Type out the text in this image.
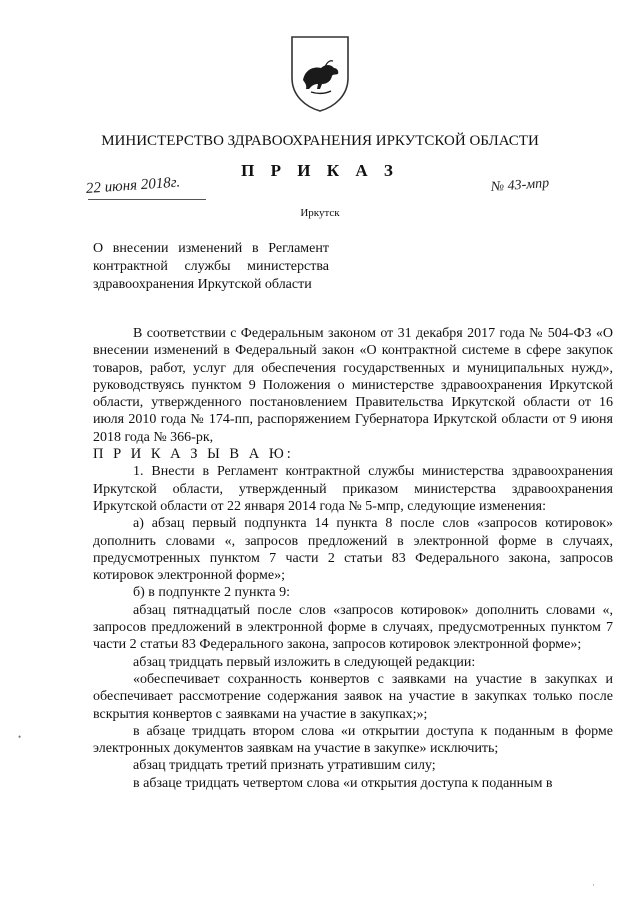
МИНИСТЕРСТВО ЗДРАВООХРАНЕНИЯ ИРКУТСКОЙ ОБЛАСТИ
П Р И К А З
22 июня 2018г.	№ 43-мпр
Иркутск
О внесении изменений в Регламент контрактной службы министерства здравоохранения Иркутской области

В соответствии с Федеральным законом от 31 декабря 2017 года № 504-ФЗ «О внесении изменений в Федеральный закон «О контрактной системе в сфере закупок товаров, работ, услуг для обеспечения государственных и муниципальных нужд», руководствуясь пунктом 9 Положения о министерстве здравоохранения Иркутской области, утвержденного постановлением Правительства Иркутской области от 16 июля 2010 года № 174-пп, распоряжением Губернатора Иркутской области от 9 июня 2018 года № 366-рк,

П Р И К А З Ы В А Ю:

1. Внести в Регламент контрактной службы министерства здравоохранения Иркутской области, утвержденный приказом министерства здравоохранения Иркутской области от 22 января 2014 года № 5-мпр, следующие изменения:

а) абзац первый подпункта 14 пункта 8 после слов «запросов котировок» дополнить словами «, запросов предложений в электронной форме в случаях, предусмотренных пунктом 7 части 2 статьи 83 Федерального закона, запросов котировок электронной форме»;

б) в подпункте 2 пункта 9:

абзац пятнадцатый после слов «запросов котировок» дополнить словами «, запросов предложений в электронной форме в случаях, предусмотренных пунктом 7 части 2 статьи 83 Федерального закона, запросов котировок электронной форме»;

абзац тридцать первый изложить в следующей редакции:

«обеспечивает сохранность конвертов с заявками на участие в закупках и обеспечивает рассмотрение содержания заявок на участие в закупках только после вскрытия конвертов с заявками на участие в закупках;»;

в абзаце тридцать втором слова «и открытии доступа к поданным в форме электронных документов заявкам на участие в закупке» исключить;

абзац тридцать третий признать утратившим силу;

в абзаце тридцать четвертом слова «и открытия доступа к поданным в

•
·
